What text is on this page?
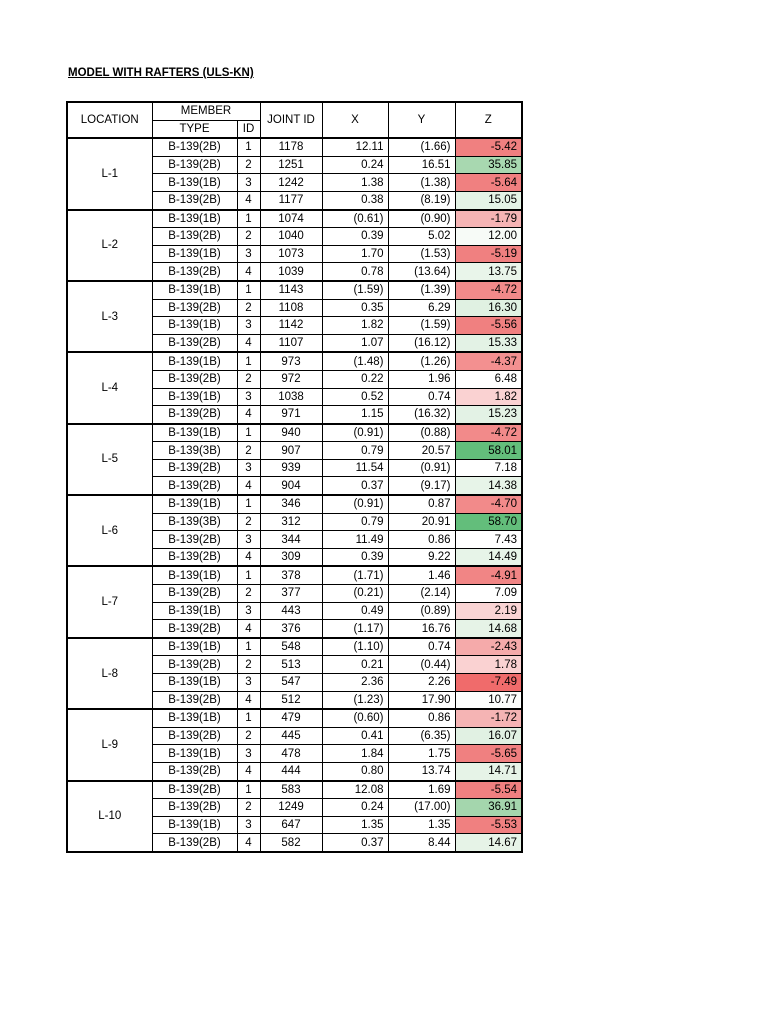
MODEL WITH RAFTERS (ULS-KN)
LOCATION	MEMBER		JOINT ID	X	Y	Z
	TYPE	ID				
L-1	B-139(2B)	1	1178	12.11	(1.66)	-5.42
	B-139(2B)	2	1251	0.24	16.51	35.85
	B-139(1B)	3	1242	1.38	(1.38)	-5.64
	B-139(2B)	4	1177	0.38	(8.19)	15.05
L-2	B-139(1B)	1	1074	(0.61)	(0.90)	-1.79
	B-139(2B)	2	1040	0.39	5.02	12.00
	B-139(1B)	3	1073	1.70	(1.53)	-5.19
	B-139(2B)	4	1039	0.78	(13.64)	13.75
L-3	B-139(1B)	1	1143	(1.59)	(1.39)	-4.72
	B-139(2B)	2	1108	0.35	6.29	16.30
	B-139(1B)	3	1142	1.82	(1.59)	-5.56
	B-139(2B)	4	1107	1.07	(16.12)	15.33
L-4	B-139(1B)	1	973	(1.48)	(1.26)	-4.37
	B-139(2B)	2	972	0.22	1.96	6.48
	B-139(1B)	3	1038	0.52	0.74	1.82
	B-139(2B)	4	971	1.15	(16.32)	15.23
L-5	B-139(1B)	1	940	(0.91)	(0.88)	-4.72
	B-139(3B)	2	907	0.79	20.57	58.01
	B-139(2B)	3	939	11.54	(0.91)	7.18
	B-139(2B)	4	904	0.37	(9.17)	14.38
L-6	B-139(1B)	1	346	(0.91)	0.87	-4.70
	B-139(3B)	2	312	0.79	20.91	58.70
	B-139(2B)	3	344	11.49	0.86	7.43
	B-139(2B)	4	309	0.39	9.22	14.49
L-7	B-139(1B)	1	378	(1.71)	1.46	-4.91
	B-139(2B)	2	377	(0.21)	(2.14)	7.09
	B-139(1B)	3	443	0.49	(0.89)	2.19
	B-139(2B)	4	376	(1.17)	16.76	14.68
L-8	B-139(1B)	1	548	(1.10)	0.74	-2.43
	B-139(2B)	2	513	0.21	(0.44)	1.78
	B-139(1B)	3	547	2.36	2.26	-7.49
	B-139(2B)	4	512	(1.23)	17.90	10.77
L-9	B-139(1B)	1	479	(0.60)	0.86	-1.72
	B-139(2B)	2	445	0.41	(6.35)	16.07
	B-139(1B)	3	478	1.84	1.75	-5.65
	B-139(2B)	4	444	0.80	13.74	14.71
L-10	B-139(2B)	1	583	12.08	1.69	-5.54
	B-139(2B)	2	1249	0.24	(17.00)	36.91
	B-139(1B)	3	647	1.35	1.35	-5.53
	B-139(2B)	4	582	0.37	8.44	14.67
